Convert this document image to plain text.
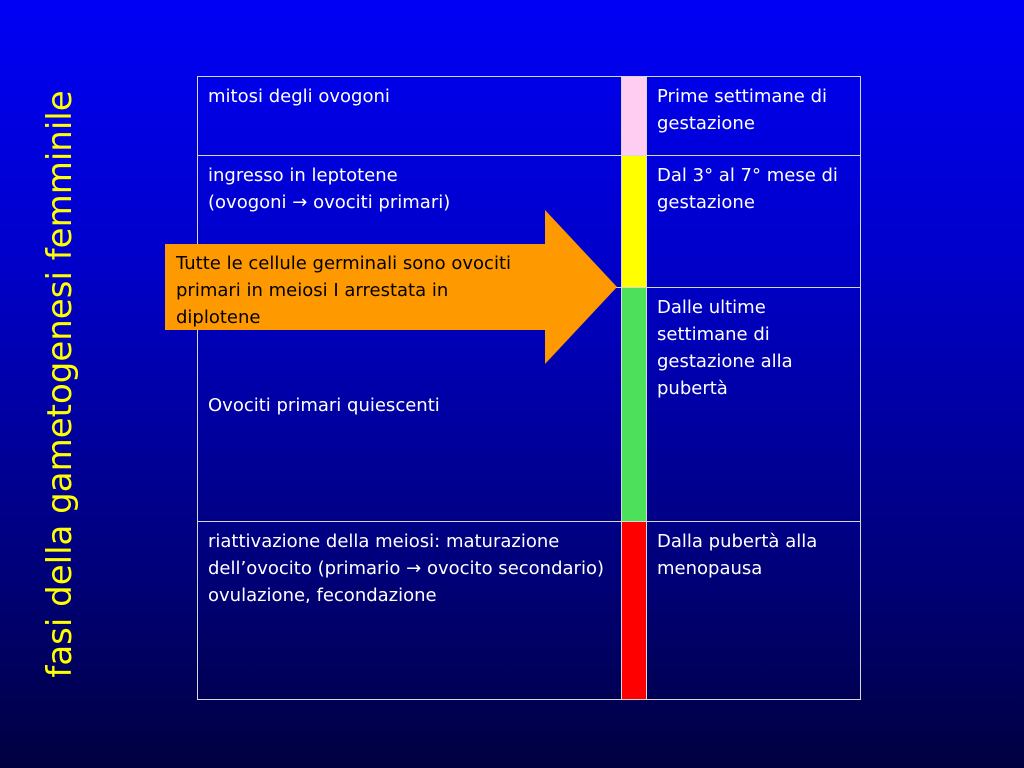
fasi della gametogenesi femminile	mitosi degli ovogoni		Prime settimane di gestazione

ingresso in leptotene
(ovogoni → ovociti primari)		Dal 3° al 7° mese di gestazione

Ovociti primari quiescenti		Dalle ultime settimane di gestazione alla pubertà

riattivazione della meiosi: maturazione dell’ovocito (primario → ovocito secondario) ovulazione, fecondazione		Dalla pubertà alla menopausa
Tutte le cellule germinali sono ovociti primari in meiosi I arrestata in diplotene
